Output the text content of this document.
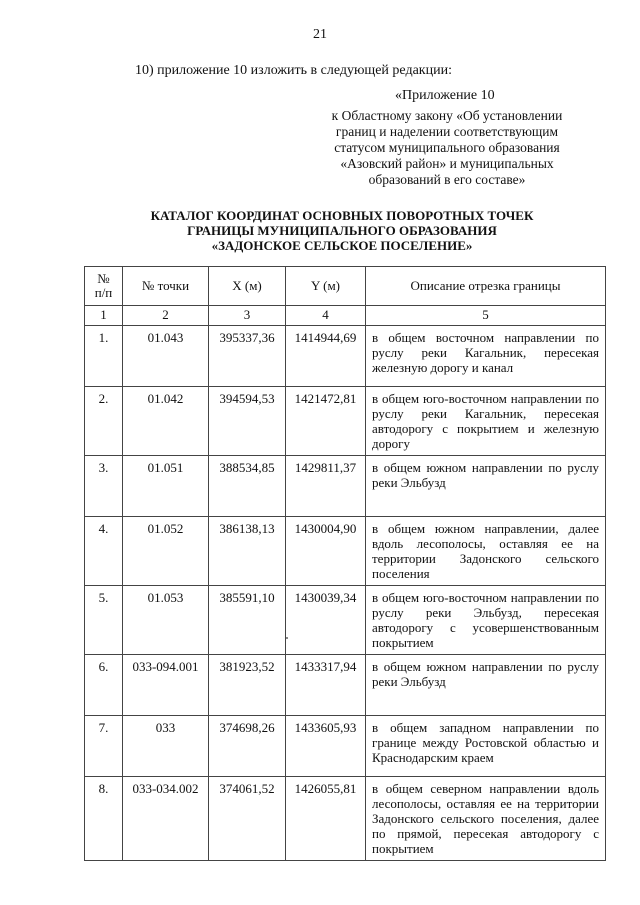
21
10) приложение 10 изложить в следующей редакции:
«Приложение 10
к Областному закону «Об установлении
границ и наделении соответствующим
статусом муниципального образования
«Азовский район» и муниципальных
образований в его составе»
КАТАЛОГ КООРДИНАТ ОСНОВНЫХ ПОВОРОТНЫХ ТОЧЕК
ГРАНИЦЫ МУНИЦИПАЛЬНОГО ОБРАЗОВАНИЯ
«ЗАДОНСКОЕ СЕЛЬСКОЕ ПОСЕЛЕНИЕ»
№
п/п	№ точки	X (м)	Y (м)	Описание отрезка границы
1	2	3	4	5
1.	01.043	395337,36	1414944,69	в общем восточном направлении по руслу реки Кагальник, пересекая железную дорогу и канал
2.	01.042	394594,53	1421472,81	в общем юго-восточном направлении по руслу реки Кагальник, пересекая автодорогу с покрытием и железную дорогу
3.	01.051	388534,85	1429811,37	в общем южном направлении по руслу реки Эльбузд
4.	01.052	386138,13	1430004,90	в общем южном направлении, далее вдоль лесополосы, оставляя ее на территории Задонского сельского поселения
5.	01.053	385591,10	1430039,34	в общем юго-восточном направлении по руслу реки Эльбузд, пересекая автодорогу с усовершенствованным покрытием
6.	033-094.001	381923,52	1433317,94	в общем южном направлении по руслу реки Эльбузд
7.	033	374698,26	1433605,93	в общем западном направлении по границе между Ростовской областью и Краснодарским краем
8.	033-034.002	374061,52	1426055,81	в общем северном направлении вдоль лесополосы, оставляя ее на территории Задонского сельского поселения, далее по прямой, пересекая автодорогу с покрытием
